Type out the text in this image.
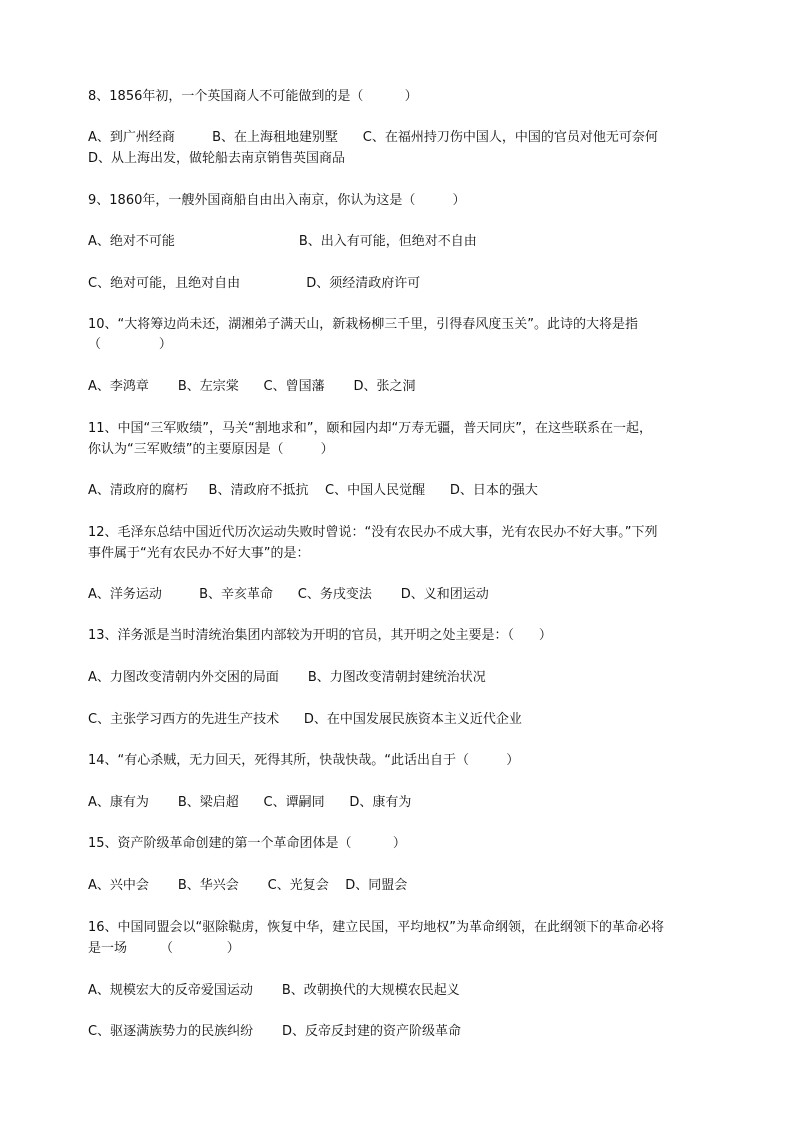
8、1856年初，一个英国商人不可能做到的是（          ）
A、到广州经商         B、在上海租地建别墅      C、在福州持刀伤中国人，中国的官员对他无可奈何
D、从上海出发，做轮船去南京销售英国商品
9、1860年，一艘外国商船自由出入南京，你认为这是（         ）
A、绝对不可能                              B、出入有可能，但绝对不自由
C、绝对可能，且绝对自由                D、须经清政府许可
10、“大将筹边尚未还，湖湘弟子满天山，新栽杨柳三千里，引得春风度玉关”。此诗的大将是指
（              ）
A、李鸿章       B、左宗棠      C、曾国藩       D、张之洞
11、中国“三军败绩”，马关“割地求和”，颐和园内却“万寿无疆，普天同庆”，在这些联系在一起，
你认为“三军败绩”的主要原因是（         ）
A、清政府的腐朽     B、清政府不抵抗    C、中国人民觉醒      D、日本的强大
12、毛泽东总结中国近代历次运动失败时曾说：“没有农民办不成大事，光有农民办不好大事。”下列
事件属于“光有农民办不好大事”的是：
A、洋务运动         B、辛亥革命      C、务戌变法       D、义和团运动
13、洋务派是当时清统治集团内部较为开明的官员，其开明之处主要是：（      ）
A、力图改变清朝内外交困的局面       B、力图改变清朝封建统治状况
C、主张学习西方的先进生产技术      D、在中国发展民族资本主义近代企业
14、“有心杀贼，无力回天，死得其所，快哉快哉。“此话出自于（         ）
A、康有为       B、梁启超      C、谭嗣同      D、康有为
15、资产阶级革命创建的第一个革命团体是（          ）
A、兴中会       B、华兴会       C、光复会    D、同盟会
16、中国同盟会以“驱除鞑虏，恢复中华，建立民国，平均地权”为革命纲领，在此纲领下的革命必将
是一场        （             ）
A、规模宏大的反帝爱国运动       B、改朝换代的大规模农民起义
C、驱逐满族势力的民族纠纷       D、反帝反封建的资产阶级革命
